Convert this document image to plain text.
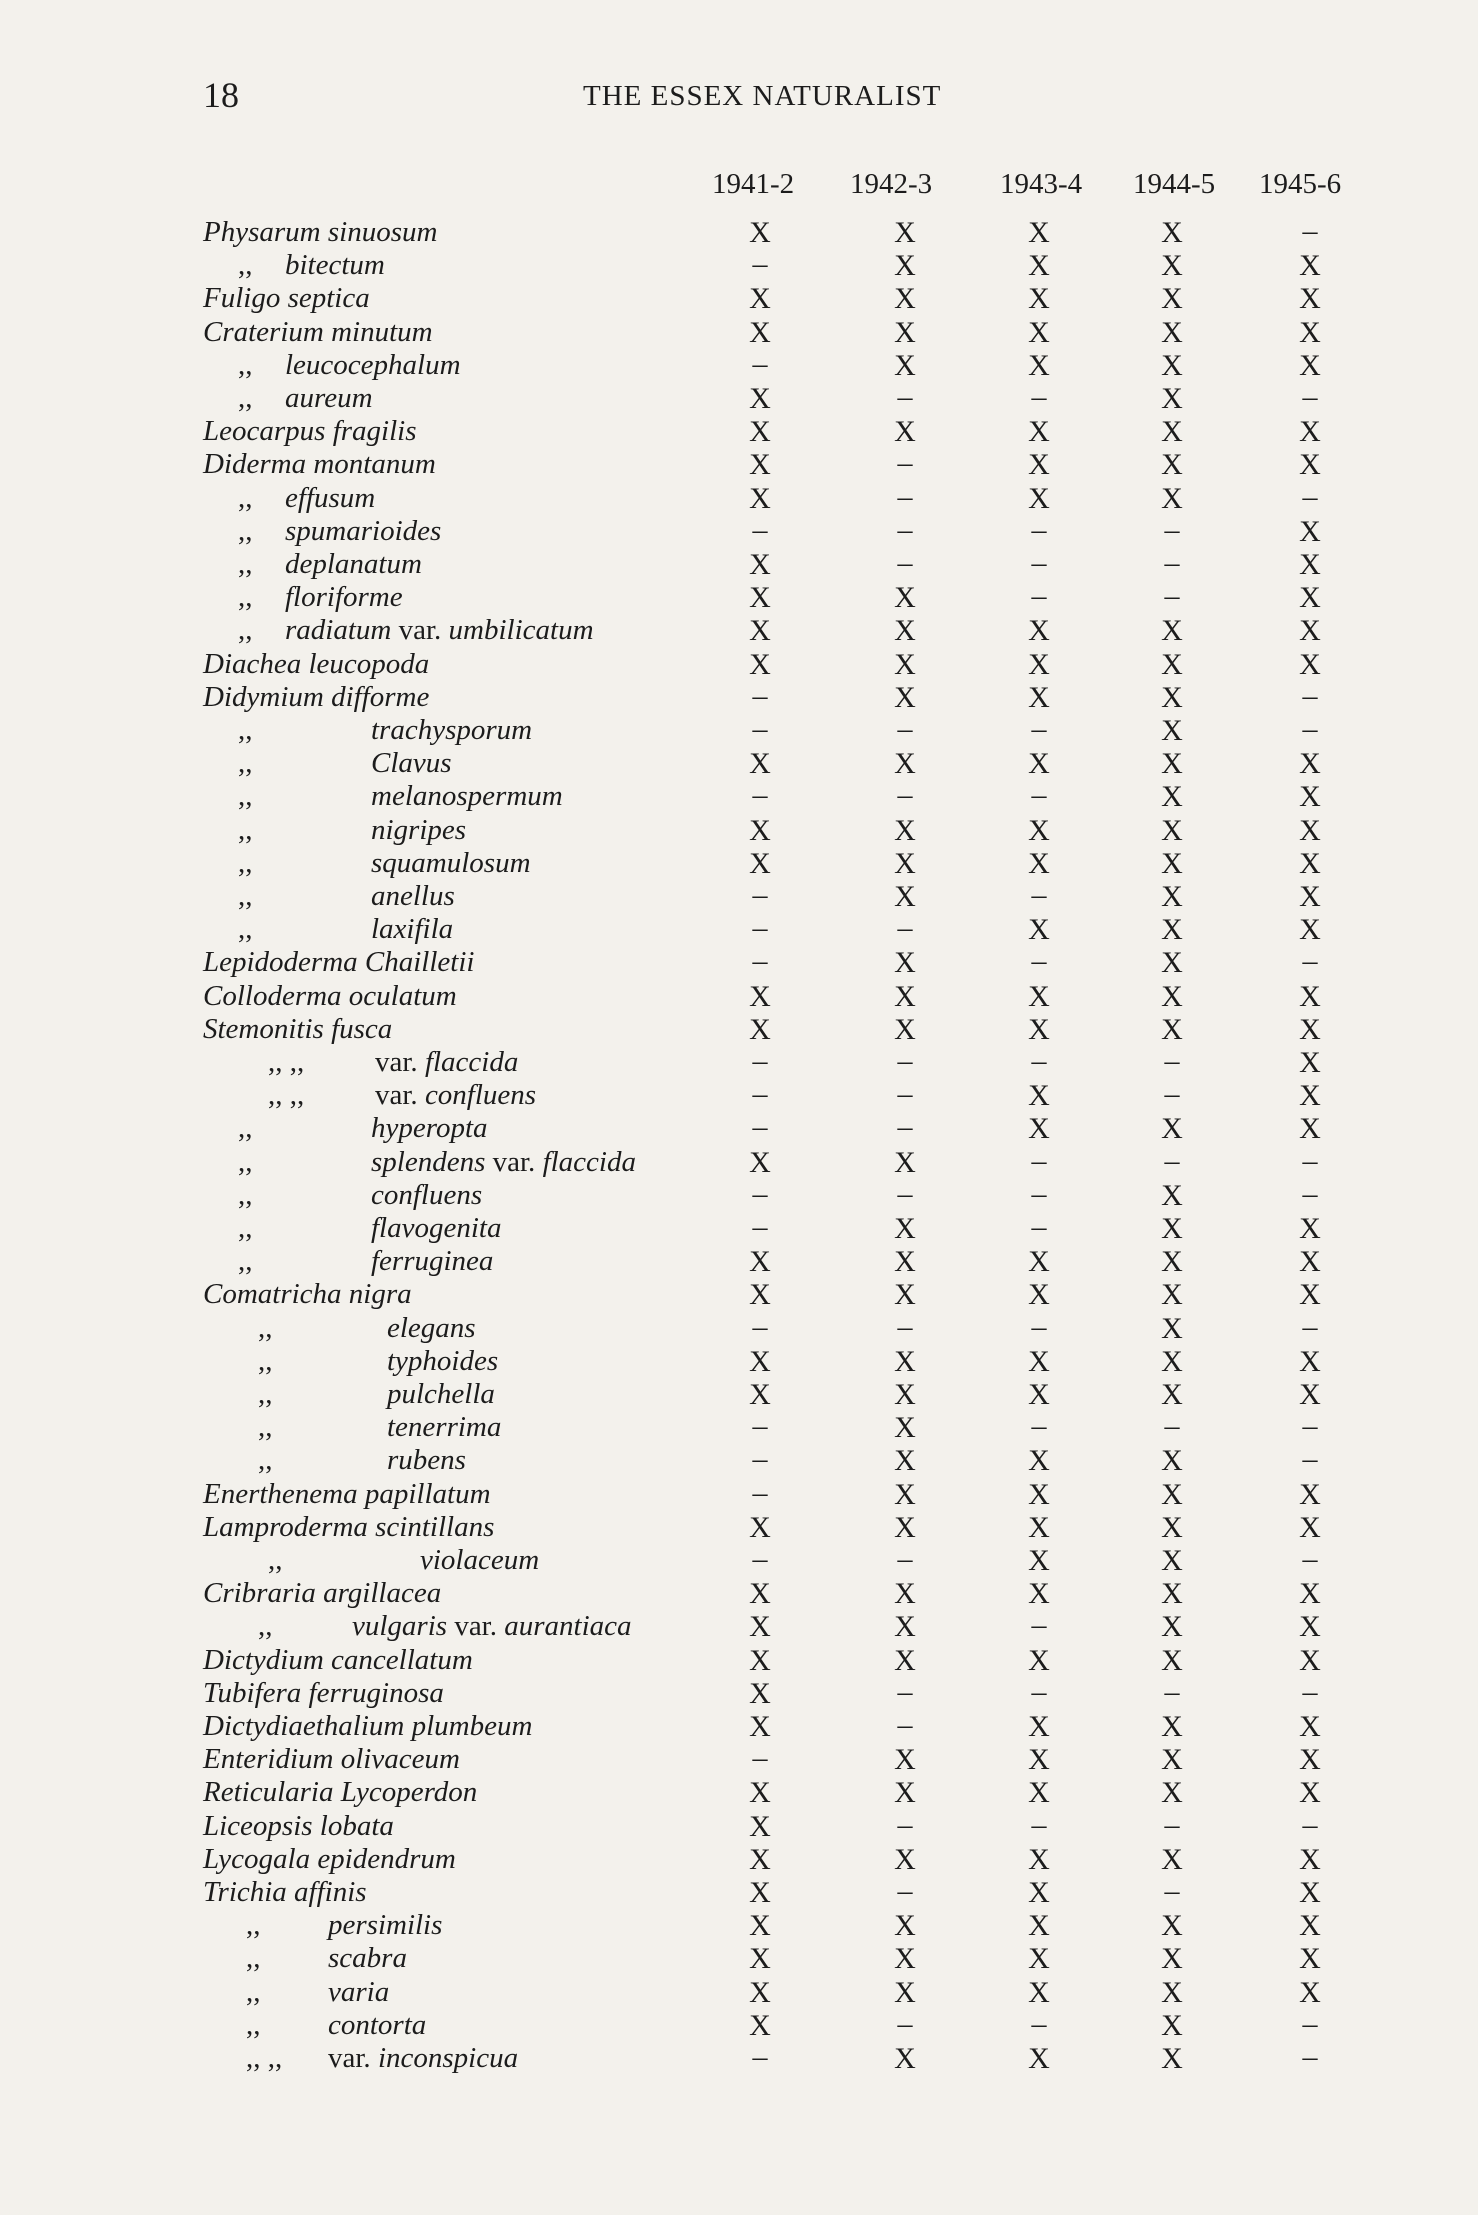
18	THE ESSEX NATURALIST
1941-2 1942-3 1943-4 1944-5 1945-6
Physarum sinuosum	X	X	X	X	–
,, bitectum	–	X	X	X	X
Fuligo septica	X	X	X	X	X
Craterium minutum	X	X	X	X	X
,, leucocephalum	–	X	X	X	X
,, aureum	X	–	–	X	–
Leocarpus fragilis	X	X	X	X	X
Diderma montanum	X	–	X	X	X
,, effusum	X	–	X	X	–
,, spumarioides	–	–	–	–	X
,, deplanatum	X	–	–	–	X
,, floriforme	X	X	–	–	X
,, radiatum var. umbilicatum	X	X	X	X	X
Diachea leucopoda	X	X	X	X	X
Didymium difforme	–	X	X	X	–
,,	trachysporum	–	–	–	X	–
,,	Clavus	X	X	X	X	X
,,	melanospermum	–	–	–	X	X
,,	nigripes	X	X	X	X	X
,,	squamulosum	X	X	X	X	X
,,	anellus	–	X	–	X	X
,,	laxifila	–	–	X	X	X
Lepidoderma Chailletii	–	X	–	X	–
Colloderma oculatum	X	X	X	X	X
Stemonitis fusca	X	X	X	X	X
,, ,, var. flaccida	–	–	–	–	X
,, ,, var. confluens	–	–	X	–	X
,,	hyperopta	–	–	X	X	X
,,	splendens var. flaccida	X	X	–	–	–
,,	confluens	–	–	–	X	–
,,	flavogenita	–	X	–	X	X
,,	ferruginea	X	X	X	X	X
Comatricha nigra	X	X	X	X	X
,,	elegans	–	–	–	X	–
,,	typhoides	X	X	X	X	X
,,	pulchella	X	X	X	X	X
,,	tenerrima	–	X	–	–	–
,,	rubens	–	X	X	X	–
Enerthenema papillatum	–	X	X	X	X
Lamproderma scintillans	X	X	X	X	X
,,	violaceum	–	–	X	X	–
Cribraria argillacea	X	X	X	X	X
,,	vulgaris var. aurantiaca	X	X	–	X	X
Dictydium cancellatum	X	X	X	X	X
Tubifera ferruginosa	X	–	–	–	–
Dictydiaethalium plumbeum	X	–	X	X	X
Enteridium olivaceum	–	X	X	X	X
Reticularia Lycoperdon	X	X	X	X	X
Liceopsis lobata	X	–	–	–	–
Lycogala epidendrum	X	X	X	X	X
Trichia affinis	X	–	X	–	X
,, persimilis	X	X	X	X	X
,, scabra	X	X	X	X	X
,, varia	X	X	X	X	X
,, contorta	X	–	–	X	–
,, ,, var. inconspicua	–	X	X	X	–
